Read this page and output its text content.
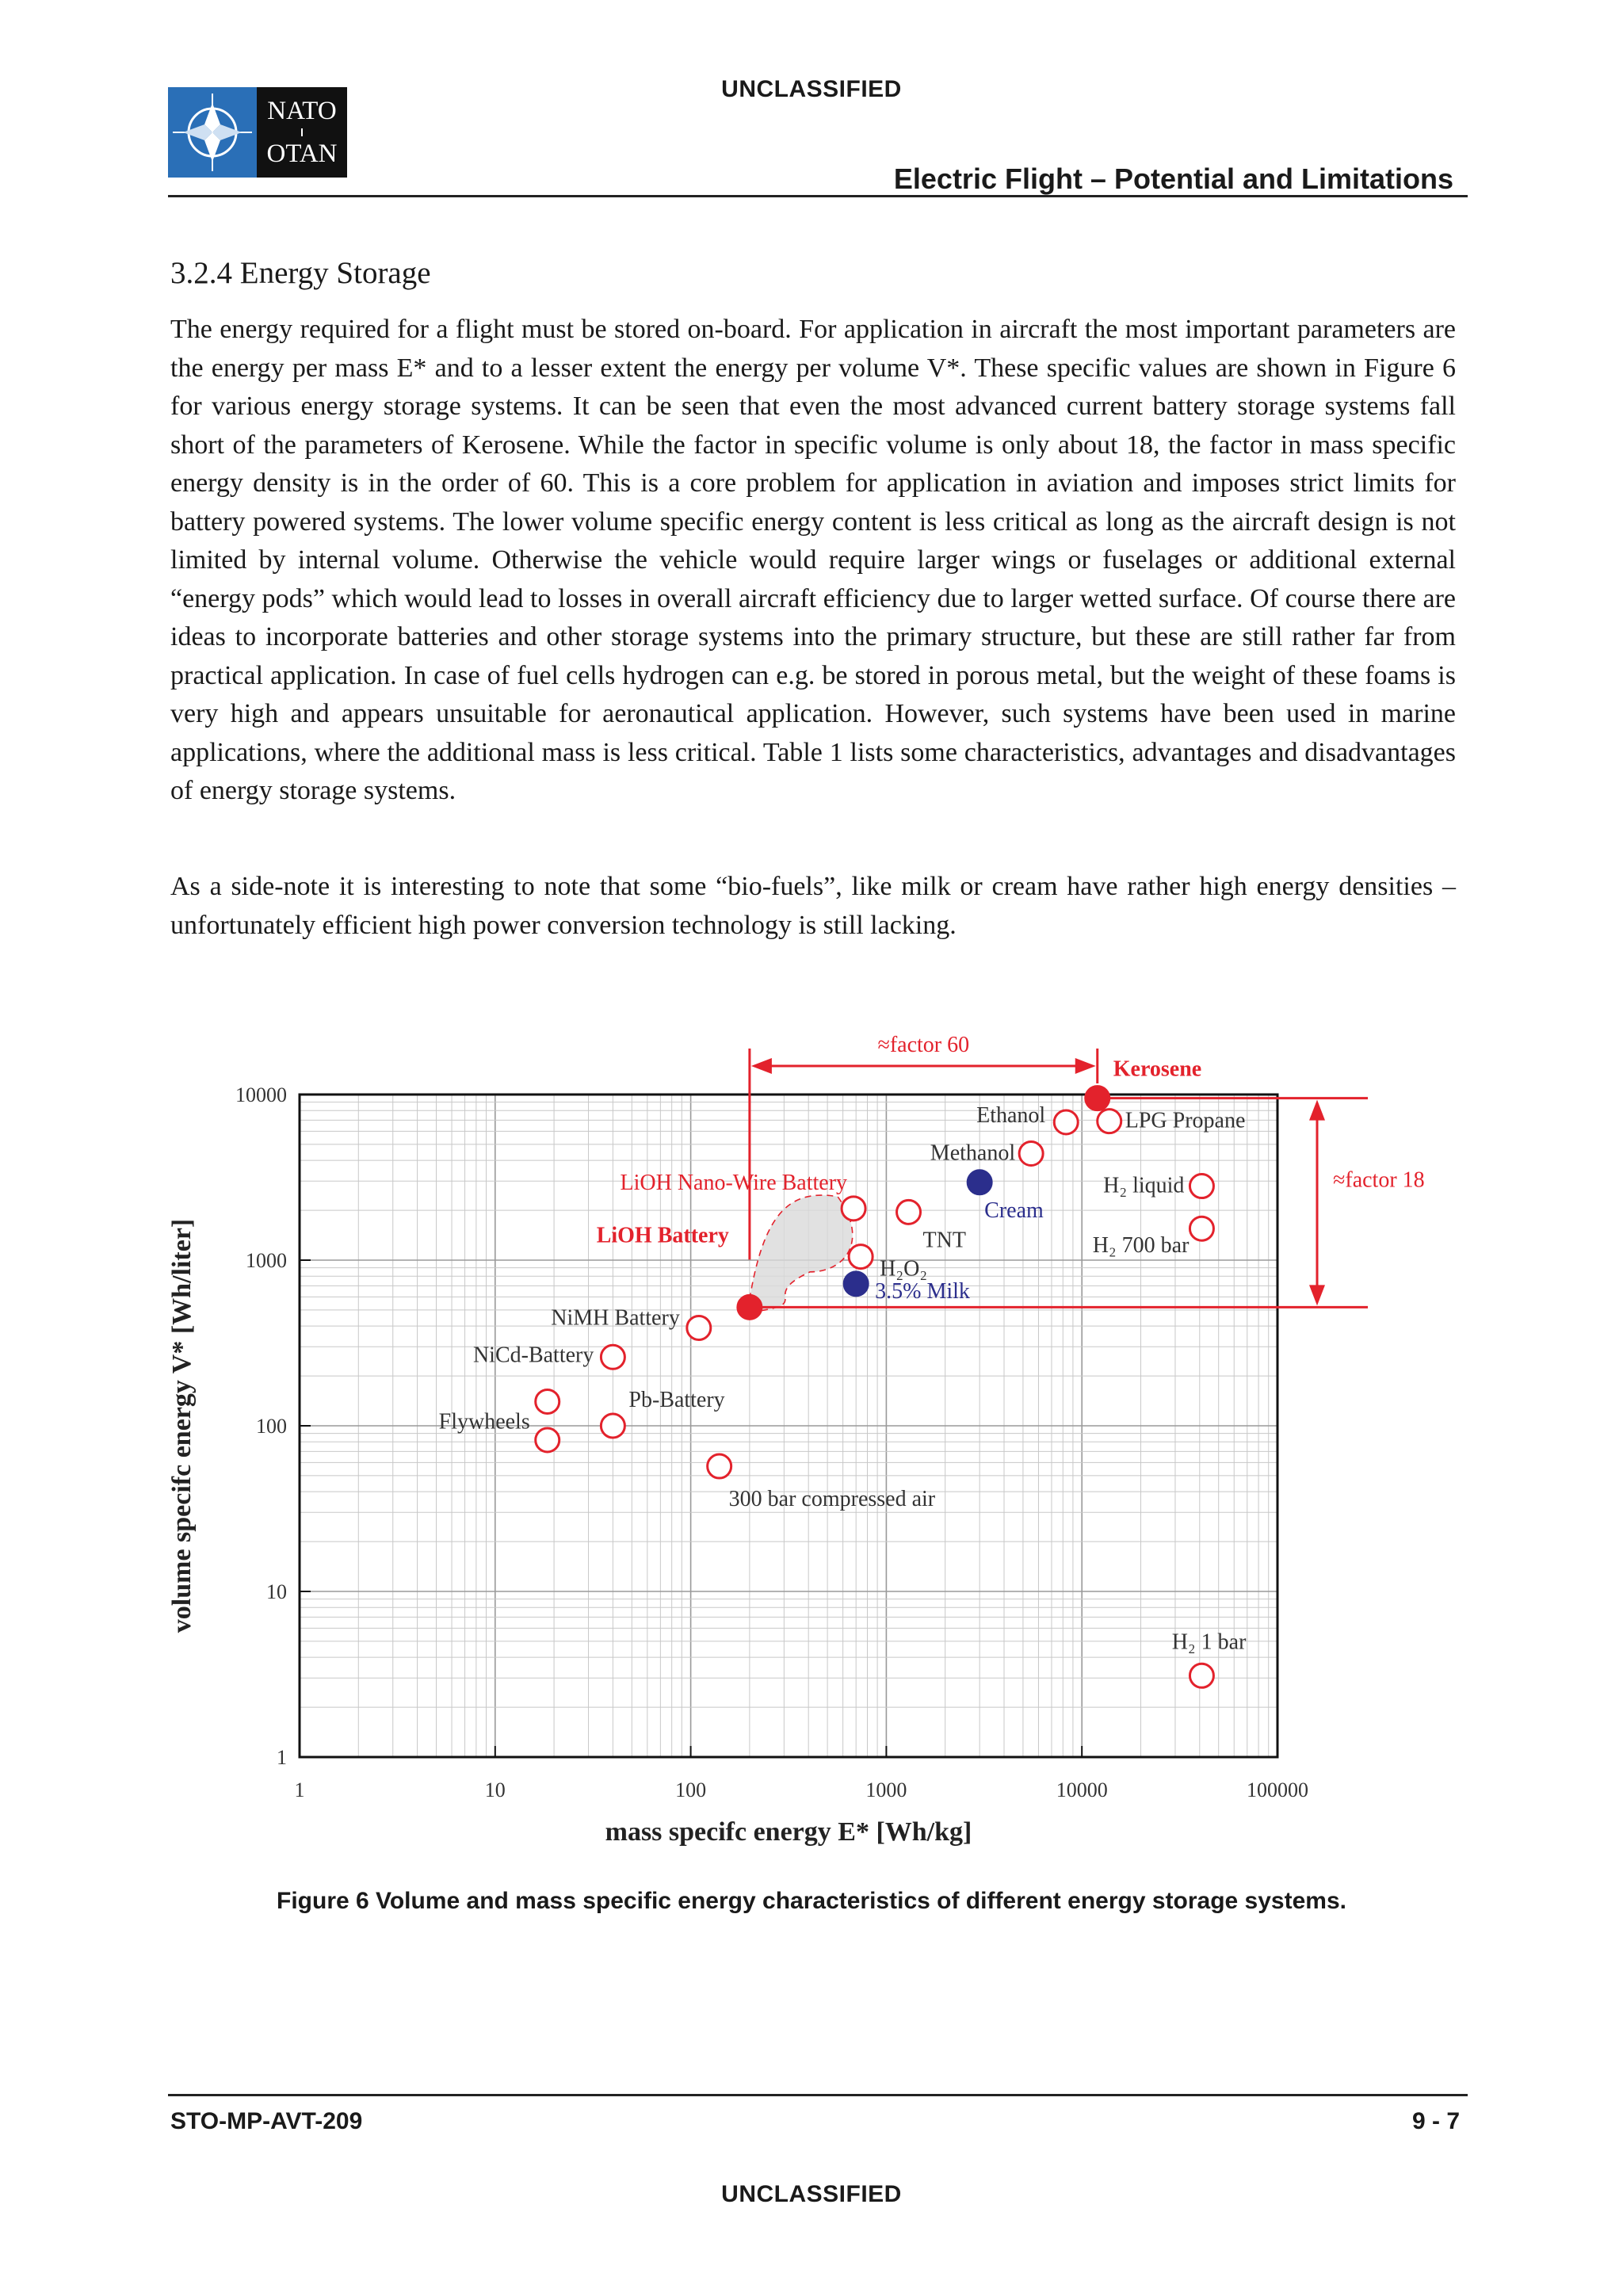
UNCLASSIFIED
NATO
OTAN
Electric Flight – Potential and Limitations
3.2.4 Energy Storage

The energy required for a flight must be stored on-board. For application in aircraft the most important parameters are the energy per mass E* and to a lesser extent the energy per volume V*. These specific values are shown in Figure 6 for various energy storage systems. It can be seen that even the most advanced current battery storage systems fall short of the parameters of Kerosene. While the factor in specific volume is only about 18, the factor in mass specific energy density is in the order of 60. This is a core problem for application in aviation and imposes strict limits for battery powered systems. The lower volume specific energy content is less critical as long as the aircraft design is not limited by internal volume. Otherwise the vehicle would require larger wings or fuselages or additional external “energy pods” which would lead to losses in overall aircraft efficiency due to larger wetted surface. Of course there are ideas to incorporate batteries and other storage systems into the primary structure, but these are still rather far from practical application. In case of fuel cells hydrogen can e.g. be stored in porous metal, but the weight of these foams is very high and appears unsuitable for aeronautical application. However, such systems have been used in marine applications, where the additional mass is less critical. Table 1 lists some characteristics, advantages and disadvantages of energy storage systems.

As a side-note it is interesting to note that some “bio-fuels”, like milk or cream have rather high energy densities – unfortunately efficient high power conversion technology is still lacking.

≈factor 60
≈factor 18
1	10	100	1000	10000	100000
1
10
100
1000
10000
Kerosene
Ethanol	LPG Propane
Methanol
Cream
H₂ liquid
TNT	H₂ 700 bar
H₂O₂
3.5% Milk
LiOH Nano-Wire Battery
LiOH Battery
NiMH Battery
NiCd-Battery
Pb-Battery
Flywheels
300 bar compressed air
H₂ 1 bar
mass specifc energy E* [Wh/kg]
volume specifc energy V* [Wh/liter]
Figure 6 Volume and mass specific energy characteristics of different energy storage systems.
STO-MP-AVT-209	9 - 7
UNCLASSIFIED
